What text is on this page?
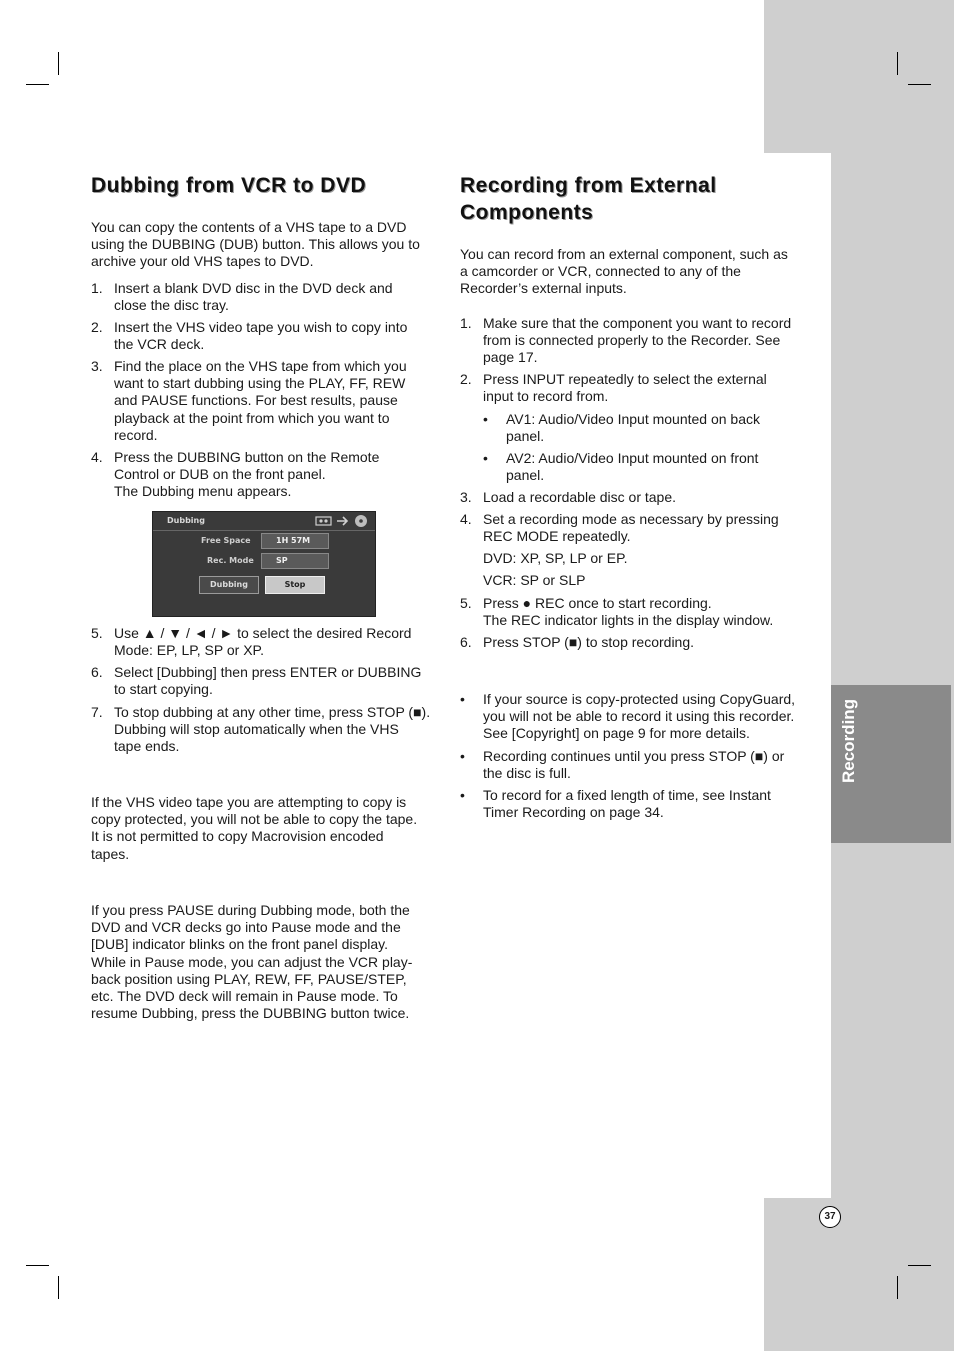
Recording
37
Dubbing from VCR to DVD
You can copy the contents of a VHS tape to a DVD
using the DUBBING (DUB) button. This allows you to
archive your old VHS tapes to DVD.
1. Insert a blank DVD disc in the DVD deck and
close the disc tray.
2. Insert the VHS video tape you wish to copy into
the VCR deck.
3. Find the place on the VHS tape from which you
want to start dubbing using the PLAY, FF, REW
and PAUSE functions. For best results, pause
playback at the point from which you want to
record.
4. Press the DUBBING button on the Remote
Control or DUB on the front panel.
The Dubbing menu appears.
Dubbing
Free Space	1H 57M
Rec. Mode	SP
Dubbing	Stop
5. Use ▲ / ▼ / ◄ / ► to select the desired Record
Mode: EP, LP, SP or XP.
6. Select [Dubbing] then press ENTER or DUBBING
to start copying.
7. To stop dubbing at any other time, press STOP (■).
Dubbing will stop automatically when the VHS
tape ends.
If the VHS video tape you are attempting to copy is
copy protected, you will not be able to copy the tape.
It is not permitted to copy Macrovision encoded
tapes.
If you press PAUSE during Dubbing mode, both the
DVD and VCR decks go into Pause mode and the
[DUB] indicator blinks on the front panel display.
While in Pause mode, you can adjust the VCR play-
back position using PLAY, REW, FF, PAUSE/STEP,
etc. The DVD deck will remain in Pause mode. To
resume Dubbing, press the DUBBING button twice.
Recording from External
Components
You can record from an external component, such as
a camcorder or VCR, connected to any of the
Recorder’s external inputs.
1. Make sure that the component you want to record
from is connected properly to the Recorder. See
page 17.
2. Press INPUT repeatedly to select the external
input to record from.
• AV1: Audio/Video Input mounted on back
panel.
• AV2: Audio/Video Input mounted on front
panel.
3. Load a recordable disc or tape.
4. Set a recording mode as necessary by pressing
REC MODE repeatedly.
DVD: XP, SP, LP or EP.
VCR: SP or SLP
5. Press ● REC once to start recording.
The REC indicator lights in the display window.
6. Press STOP (■) to stop recording.
• If your source is copy-protected using CopyGuard,
you will not be able to record it using this recorder.
See [Copyright] on page 9 for more details.
• Recording continues until you press STOP (■) or
the disc is full.
• To record for a fixed length of time, see Instant
Timer Recording on page 34.
